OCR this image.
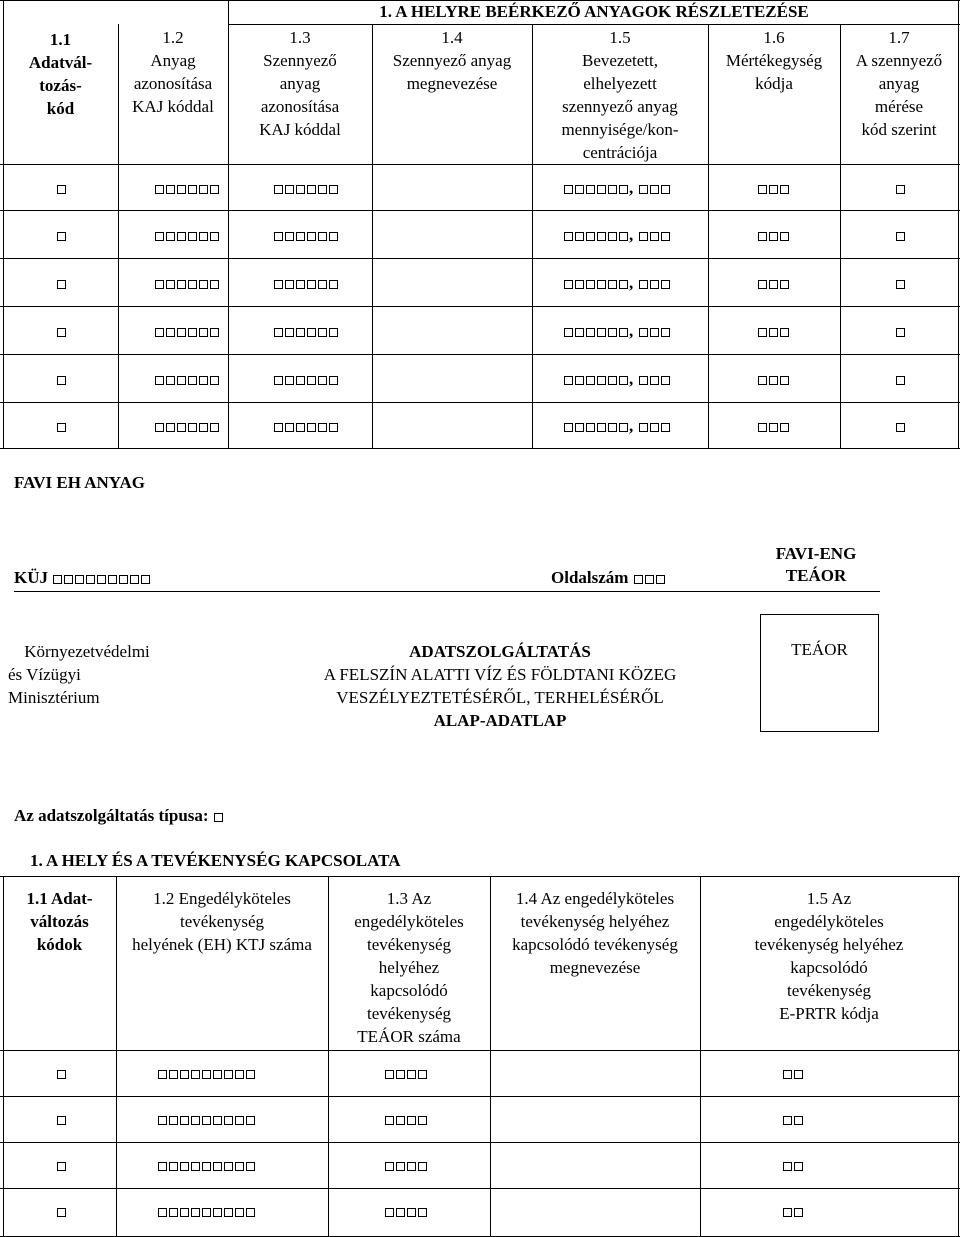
1. A HELYRE BEÉRKEZŐ ANYAGOK RÉSZLETEZÉSE
1.1
Adatvál-
tozás-
kód
1.2
Anyag
azonosítása
KAJ kóddal
1.3
Szennyező
anyag
azonosítása
KAJ kóddal
1.4
Szennyező anyag
megnevezése
1.5
Bevezetett,
elhelyezett
szennyező anyag
mennyisége/kon-
centrációja
1.6
Mértékegység
kódja
1.7
A szennyező
anyag
mérése
kód szerint
,
,
,
,
,
,
FAVI EH ANYAG
KÜJ	Oldalszám
FAVI-ENG
TEÁOR
Környezetvédelmi
és Vízügyi
Minisztérium
ADATSZOLGÁLTATÁS
A FELSZÍN ALATTI VÍZ ÉS FÖLDTANI KÖZEG
VESZÉLYEZTETÉSÉRŐL, TERHELÉSÉRŐL
ALAP-ADATLAP
TEÁOR
Az adatszolgáltatás típusa:
1. A HELY ÉS A TEVÉKENYSÉG KAPCSOLATA
1.1 Adat-
változás
kódok
1.2 Engedélyköteles
tevékenység
helyének (EH) KTJ száma
1.3 Az
engedélyköteles
tevékenység
helyéhez
kapcsolódó
tevékenység
TEÁOR száma
1.4 Az engedélyköteles
tevékenység helyéhez
kapcsolódó tevékenység
megnevezése
1.5 Az
engedélyköteles
tevékenység helyéhez
kapcsolódó
tevékenység
E-PRTR kódja
